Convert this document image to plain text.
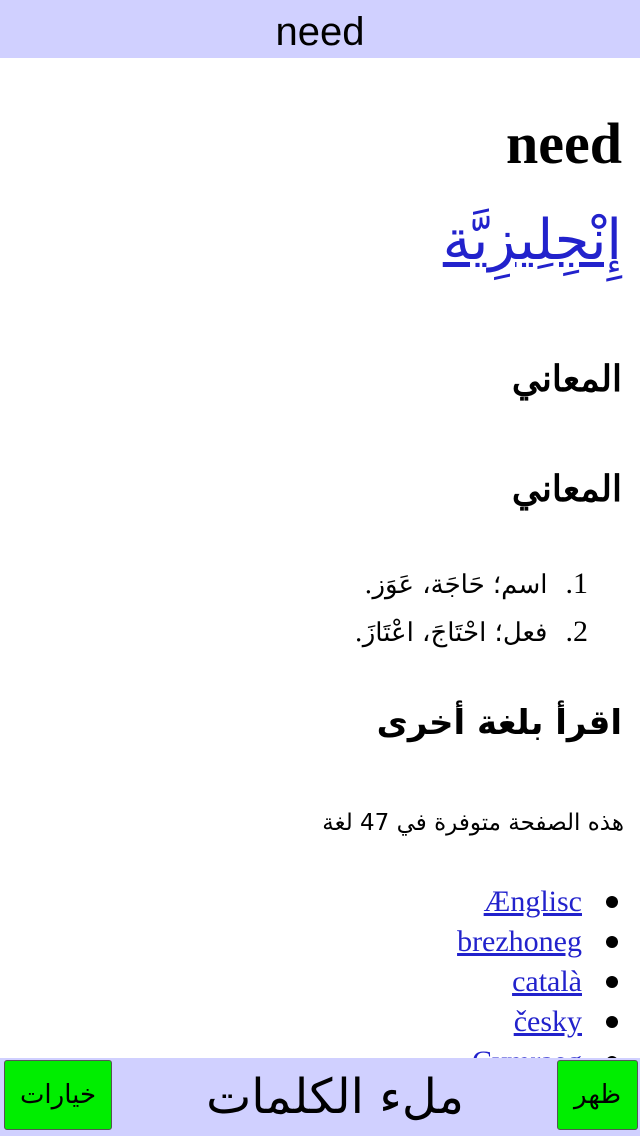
need
need
إِنْجِلِيزِيَّة
المعاني
المعاني
1.اسم؛ حَاجَة، عَوَز.
2.فعل؛ احْتَاجَ، اعْتَازَ.
اقرأ بلغة أخرى
هذه الصفحة متوفرة في 47 لغة
Ænglisc
brezhoneg
català
česky
خيارات	ملء الكلمات	ظهر
